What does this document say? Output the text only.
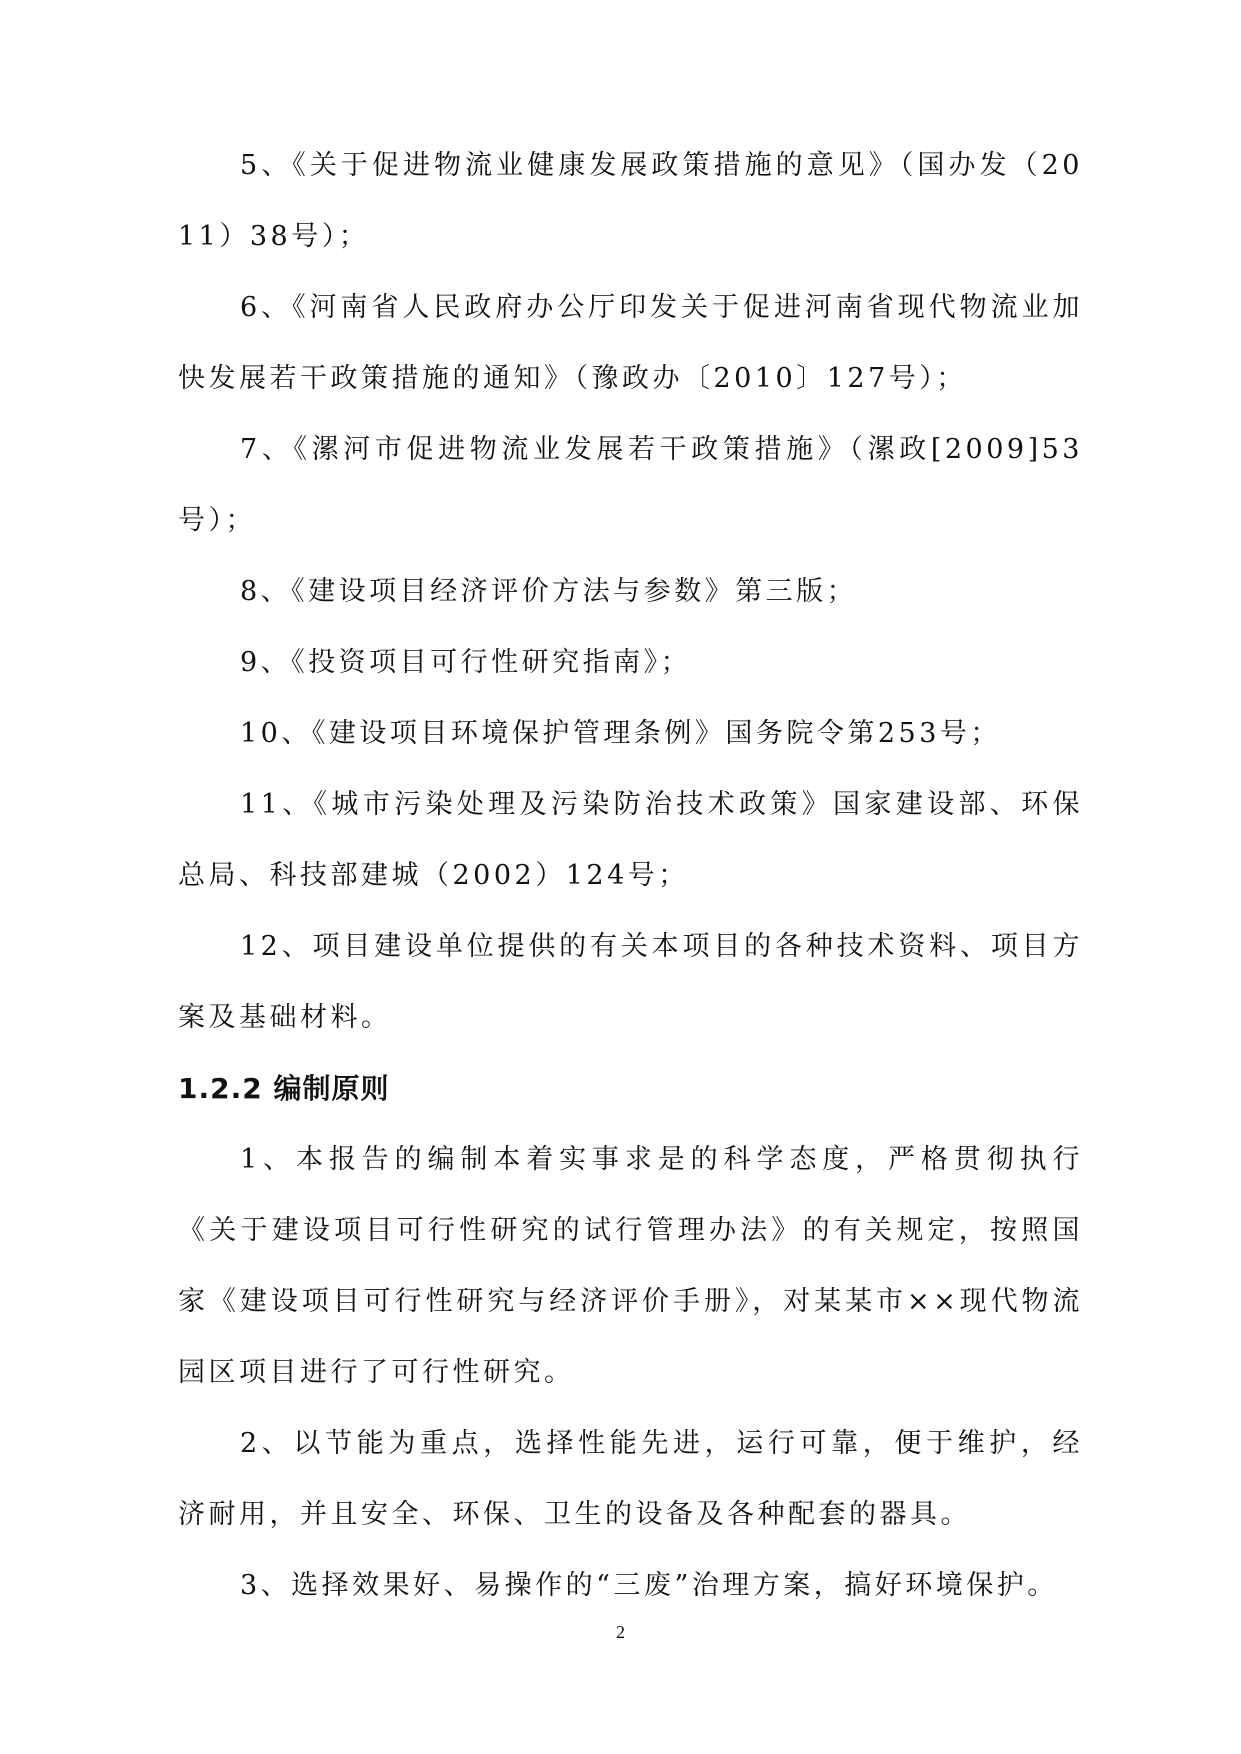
5、《关于促进物流业健康发展政策措施的意见》（国办发（2011）38号）；

6、《河南省人民政府办公厅印发关于促进河南省现代物流业加快发展若干政策措施的通知》（豫政办〔2010〕127号）；

7、《漯河市促进物流业发展若干政策措施》（漯政[2009]53号）；

8、《建设项目经济评价方法与参数》第三版；

9、《投资项目可行性研究指南》；

10、《建设项目环境保护管理条例》国务院令第253号；

11、《城市污染处理及污染防治技术政策》国家建设部、环保总局、科技部建城（2002）124号；

12、项目建设单位提供的有关本项目的各种技术资料、项目方案及基础材料。

1.2.2 编制原则

1、本报告的编制本着实事求是的科学态度，严格贯彻执行《关于建设项目可行性研究的试行管理办法》的有关规定，按照国家《建设项目可行性研究与经济评价手册》，对某某市××现代物流园区项目进行了可行性研究。

2、以节能为重点，选择性能先进，运行可靠，便于维护，经济耐用，并且安全、环保、卫生的设备及各种配套的器具。

3、选择效果好、易操作的“三废”治理方案，搞好环境保护。

2
